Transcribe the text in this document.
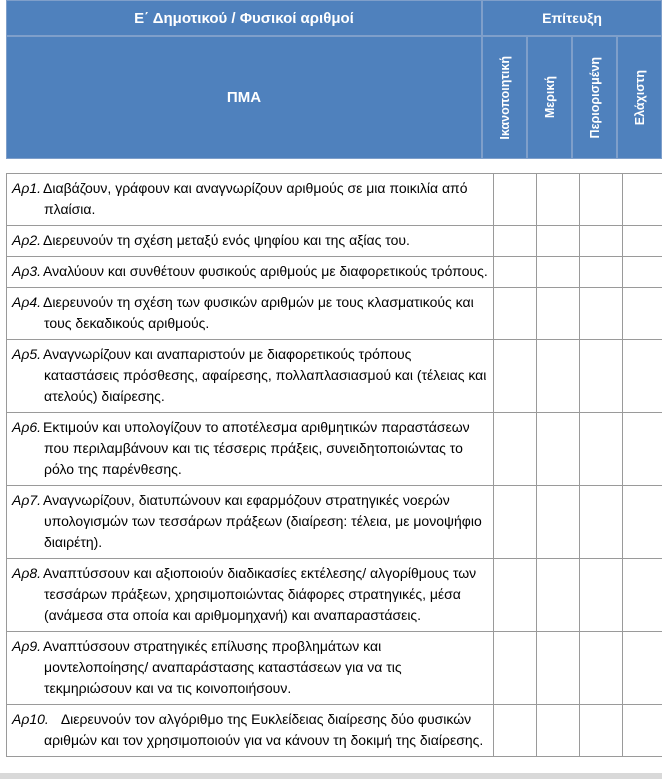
Ε΄ Δημοτικού / Φυσικοί αριθμοί	Επίτευξη
ΠΜΑ	Ικανοποιητική Μερική Περιορισμένη Ελάχιστη
Αρ1. Διαβάζουν, γράφουν και αναγνωρίζουν αριθμούς σε μια ποικιλία από πλαίσια.				

Αρ2. Διερευνούν τη σχέση μεταξύ ενός ψηφίου και της αξίας του.				

Αρ3. Αναλύουν και συνθέτουν φυσικούς αριθμούς με διαφορετικούς τρόπους.				

Αρ4. Διερευνούν τη σχέση των φυσικών αριθμών με τους κλασματικούς και τους δεκαδικούς αριθμούς.				

Αρ5. Αναγνωρίζουν και αναπαριστούν με διαφορετικούς τρόπους καταστάσεις πρόσθεσης, αφαίρεσης, πολλαπλασιασμού και (τέλειας και ατελούς) διαίρεσης.				

Αρ6. Εκτιμούν και υπολογίζουν το αποτέλεσμα αριθμητικών παραστάσεων που περιλαμβάνουν και τις τέσσερις πράξεις, συνειδητοποιώντας το ρόλο της παρένθεσης.				

Αρ7. Αναγνωρίζουν, διατυπώνουν και εφαρμόζουν στρατηγικές νοερών υπολογισμών των τεσσάρων πράξεων (διαίρεση: τέλεια, με μονοψήφιο διαιρέτη).				

Αρ8. Αναπτύσσουν και αξιοποιούν διαδικασίες εκτέλεσης/ αλγορίθμους των τεσσάρων πράξεων, χρησιμοποιώντας διάφορες στρατηγικές, μέσα (ανάμεσα στα οποία και αριθμομηχανή) και αναπαραστάσεις.				

Αρ9. Αναπτύσσουν στρατηγικές επίλυσης προβλημάτων και μοντελοποίησης/ αναπαράστασης καταστάσεων για να τις τεκμηριώσουν και να τις κοινοποιήσουν.				

Αρ10. Διερευνούν τον αλγόριθμο της Ευκλείδειας διαίρεσης δύο φυσικών αριθμών και τον χρησιμοποιούν για να κάνουν τη δοκιμή της διαίρεσης.				
